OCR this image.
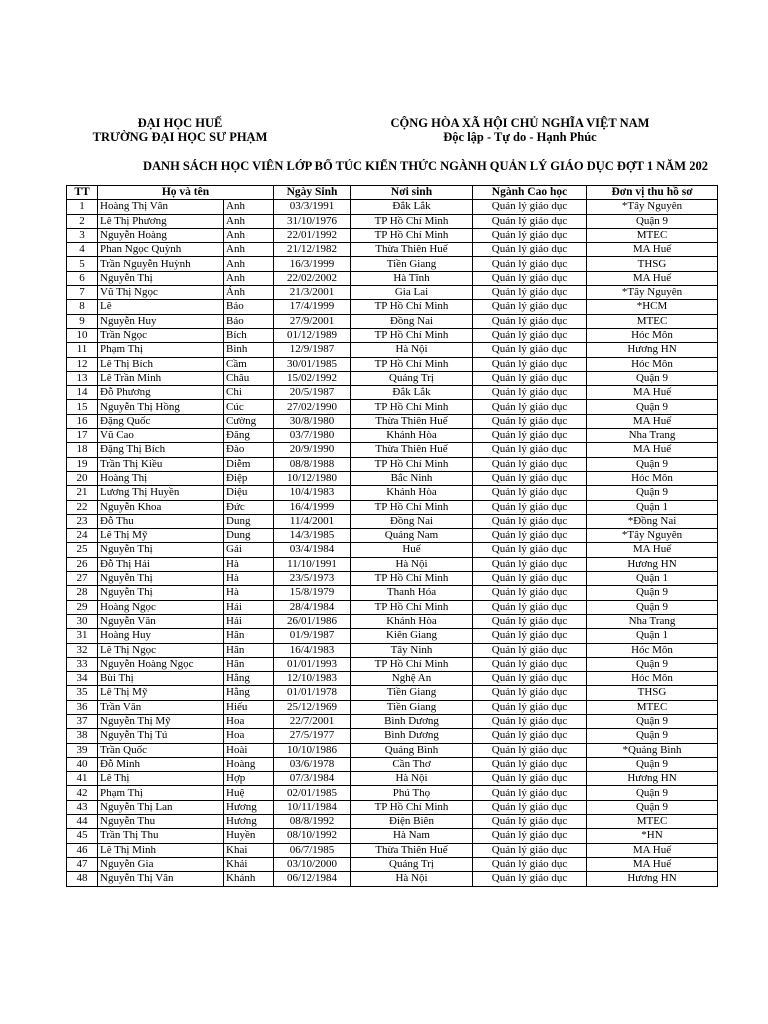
ĐẠI HỌC HUẾ
TRƯỜNG ĐẠI HỌC SƯ PHẠM
CỘNG HÒA XÃ HỘI CHỦ NGHĨA VIỆT NAM
Độc lập - Tự do - Hạnh Phúc
DANH SÁCH HỌC VIÊN LỚP BỔ TÚC KIẾN THỨC NGÀNH QUẢN LÝ GIÁO DỤC ĐỢT 1 NĂM 202
TT	Họ và tên		Ngày Sinh	Nơi sinh	Ngành Cao học	Đơn vị thu hồ sơ
1	Hoàng Thị Vân	Anh	03/3/1991	Đắk Lắk	Quản lý giáo dục	*Tây Nguyên
2	Lê Thị Phương	Anh	31/10/1976	TP Hồ Chí Minh	Quản lý giáo dục	Quận 9
3	Nguyễn Hoàng	Anh	22/01/1992	TP Hồ Chí Minh	Quản lý giáo dục	MTEC
4	Phan Ngọc Quỳnh	Anh	21/12/1982	Thừa Thiên Huế	Quản lý giáo dục	MA Huế
5	Trần Nguyễn Huỳnh	Anh	16/3/1999	Tiền Giang	Quản lý giáo dục	THSG
6	Nguyễn Thị	Anh	22/02/2002	Hà Tĩnh	Quản lý giáo dục	MA Huế
7	Vũ Thị Ngọc	Ánh	21/3/2001	Gia Lai	Quản lý giáo dục	*Tây Nguyên
8	Lê	Bảo	17/4/1999	TP Hồ Chí Minh	Quản lý giáo dục	*HCM
9	Nguyễn Huy	Bảo	27/9/2001	Đồng Nai	Quản lý giáo dục	MTEC
10	Trần Ngọc	Bích	01/12/1989	TP Hồ Chí Minh	Quản lý giáo dục	Hóc Môn
11	Phạm Thị	Bình	12/9/1987	Hà Nội	Quản lý giáo dục	Hương HN
12	Lê Thị Bích	Cầm	30/01/1985	TP Hồ Chí Minh	Quản lý giáo dục	Hóc Môn
13	Lê Trần Minh	Châu	15/02/1992	Quảng Trị	Quản lý giáo dục	Quận 9
14	Đỗ Phương	Chi	20/5/1987	Đắk Lắk	Quản lý giáo dục	MA Huế
15	Nguyễn Thị Hồng	Cúc	27/02/1990	TP Hồ Chí Minh	Quản lý giáo dục	Quận 9
16	Đặng Quốc	Cường	30/8/1980	Thừa Thiên Huế	Quản lý giáo dục	MA Huế
17	Vũ Cao	Đăng	03/7/1980	Khánh Hòa	Quản lý giáo dục	Nha Trang
18	Đặng Thị Bích	Đào	20/9/1990	Thừa Thiên Huế	Quản lý giáo dục	MA Huế
19	Trần Thị Kiều	Diễm	08/8/1988	TP Hồ Chí Minh	Quản lý giáo dục	Quận 9
20	Hoàng Thị	Điệp	10/12/1980	Bắc Ninh	Quản lý giáo dục	Hóc Môn
21	Lương Thị Huyền	Diệu	10/4/1983	Khánh Hòa	Quản lý giáo dục	Quận 9
22	Nguyễn Khoa	Đức	16/4/1999	TP Hồ Chí Minh	Quản lý giáo dục	Quận 1
23	Đỗ Thu	Dung	11/4/2001	Đồng Nai	Quản lý giáo dục	*Đồng Nai
24	Lê Thị Mỹ	Dung	14/3/1985	Quảng Nam	Quản lý giáo dục	*Tây Nguyên
25	Nguyễn Thị	Gái	03/4/1984	Huế	Quản lý giáo dục	MA Huế
26	Đỗ Thị Hải	Hà	11/10/1991	Hà Nội	Quản lý giáo dục	Hương HN
27	Nguyễn Thị	Hà	23/5/1973	TP Hồ Chí Minh	Quản lý giáo dục	Quận 1
28	Nguyễn Thị	Hà	15/8/1979	Thanh Hóa	Quản lý giáo dục	Quận 9
29	Hoàng Ngọc	Hải	28/4/1984	TP Hồ Chí Minh	Quản lý giáo dục	Quận 9
30	Nguyễn Văn	Hải	26/01/1986	Khánh Hòa	Quản lý giáo dục	Nha Trang
31	Hoàng Huy	Hân	01/9/1987	Kiên Giang	Quản lý giáo dục	Quận 1
32	Lê Thị Ngọc	Hân	16/4/1983	Tây Ninh	Quản lý giáo dục	Hóc Môn
33	Nguyễn Hoàng Ngọc	Hân	01/01/1993	TP Hồ Chí Minh	Quản lý giáo dục	Quận 9
34	Bùi Thị	Hằng	12/10/1983	Nghệ An	Quản lý giáo dục	Hóc Môn
35	Lê Thị Mỹ	Hằng	01/01/1978	Tiền Giang	Quản lý giáo dục	THSG
36	Trần Văn	Hiếu	25/12/1969	Tiền Giang	Quản lý giáo dục	MTEC
37	Nguyễn Thị Mỹ	Hoa	22/7/2001	Bình Dương	Quản lý giáo dục	Quận 9
38	Nguyễn Thị Tú	Hoa	27/5/1977	Bình Dương	Quản lý giáo dục	Quận 9
39	Trần Quốc	Hoài	10/10/1986	Quảng Bình	Quản lý giáo dục	*Quảng Bình
40	Đỗ Minh	Hoàng	03/6/1978	Cần Thơ	Quản lý giáo dục	Quận 9
41	Lê Thị	Hợp	07/3/1984	Hà Nội	Quản lý giáo dục	Hương HN
42	Phạm Thị	Huệ	02/01/1985	Phú Thọ	Quản lý giáo dục	Quận 9
43	Nguyễn Thị Lan	Hương	10/11/1984	TP Hồ Chí Minh	Quản lý giáo dục	Quận 9
44	Nguyễn Thu	Hương	08/8/1992	Điện Biên	Quản lý giáo dục	MTEC
45	Trần Thị Thu	Huyền	08/10/1992	Hà Nam	Quản lý giáo dục	*HN
46	Lê Thị Minh	Khai	06/7/1985	Thừa Thiên Huế	Quản lý giáo dục	MA Huế
47	Nguyễn Gia	Khải	03/10/2000	Quảng Trị	Quản lý giáo dục	MA Huế
48	Nguyễn Thị Vân	Khánh	06/12/1984	Hà Nội	Quản lý giáo dục	Hương HN
